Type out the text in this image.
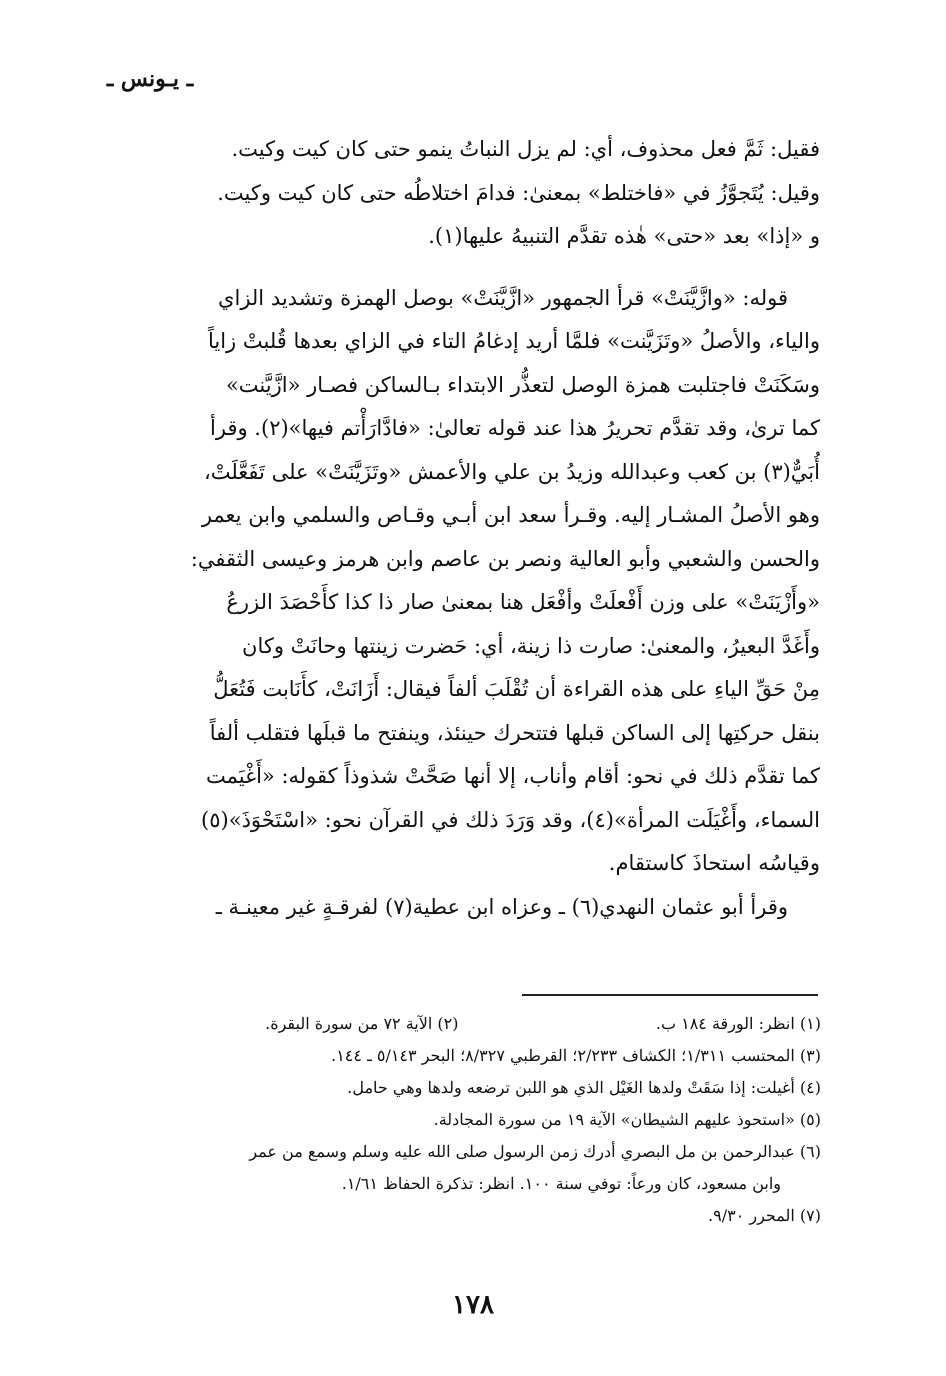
ـ يـونس ـ
فقيل: ثَمَّ فعل محذوف، أي: لم يزل النباتُ ينمو حتى كان كيت وكيت.
وقيل: يُتَجوَّزُ في «فاختلط» بمعنىٰ: فدامَ اختلاطُه حتى كان كيت وكيت.
و «إذا» بعد «حتى» هٰذه تقدَّم التنبيهُ عليها(١).
قوله: «وازَّيَّنَتْ» قرأ الجمهور «ازَّيَّنَتْ» بوصل الهمزة وتشديد الزاي
والياء، والأصلُ «وتَزَيَّنت» فلمَّا أريد إدغامُ التاء في الزاي بعدها قُلبتْ زاياً
وسَكَنَتْ فاجتلبت همزة الوصل لتعذُّر الابتداء بـالساكن فصـار «ازَّيَّنت»
كما ترىٰ، وقد تقدَّم تحريرُ هذا عند قوله تعالىٰ: «فادَّارَأْتم فيها»(٢). وقرأ
أُبَيٌّ(٣) بن كعب وعبدالله وزيدُ بن علي والأعمش «وتَزَيَّنَتْ» على تَفَعَّلَتْ،
وهو الأصلُ المشـار إليه. وقـرأ سعد ابن أبـي وقـاص والسلمي وابن يعمر
والحسن والشعبي وأبو العالية ونصر بن عاصم وابن هرمز وعيسى الثقفي:
«وأَزْيَنَتْ» على وزن أَفْعلَتْ وأفْعَل هنا بمعنىٰ صار ذا كذا كأَحْصَدَ الزرعُ
وأَغَدَّ البعيرُ، والمعنىٰ: صارت ذا زينة، أي: حَضرت زينتها وحانَتْ وكان
مِنْ حَقِّ الياءِ على هذه القراءة أن تُقْلَبَ ألفاً فيقال: أَزَانَتْ، كأَنَابت فَتُعَلُّ
بنقل حركتِها إلى الساكن قبلها فتتحرك حينئذ، وينفتح ما قبلَها فتقلب ألفاً
كما تقدَّم ذلك في نحو: أقام وأناب، إلا أنها صَحَّتْ شذوذاً كقوله: «أَغْيَمت
السماء، وأَغْيَلَت المرأة»(٤)، وقد وَرَدَ ذلك في القرآن نحو: «اسْتَحْوَذَ»(٥)
وقياسُه استحاذَ كاستقام.
وقرأ أبو عثمان النهدي(٦) ـ وعزاه ابن عطية(٧) لفرقـةٍ غير معينـة ـ
(١) انظر: الورقة ١٨٤ ب.
(٢) الآية ٧٢ من سورة البقرة.
(٣) المحتسب ١/٣١١؛ الكشاف ٢/٢٣٣؛ القرطبي ٨/٣٢٧؛ البحر ٥/١٤٣ ـ ١٤٤.
(٤) أغيلت: إذا سَقَتْ ولدها الغَيْل الذي هو اللبن ترضعه ولدها وهي حامل.
(٥) «استحوذ عليهم الشيطان» الآية ١٩ من سورة المجادلة.
(٦) عبدالرحمن بن مل البصري أدرك زمن الرسول صلى الله عليه وسلم وسمع من عمر
وابن مسعود، كان ورعاً: توفي سنة ١٠٠. انظر: تذكرة الحفاظ ١/٦١.
(٧) المحرر ٩/٣٠.
١٧٨
